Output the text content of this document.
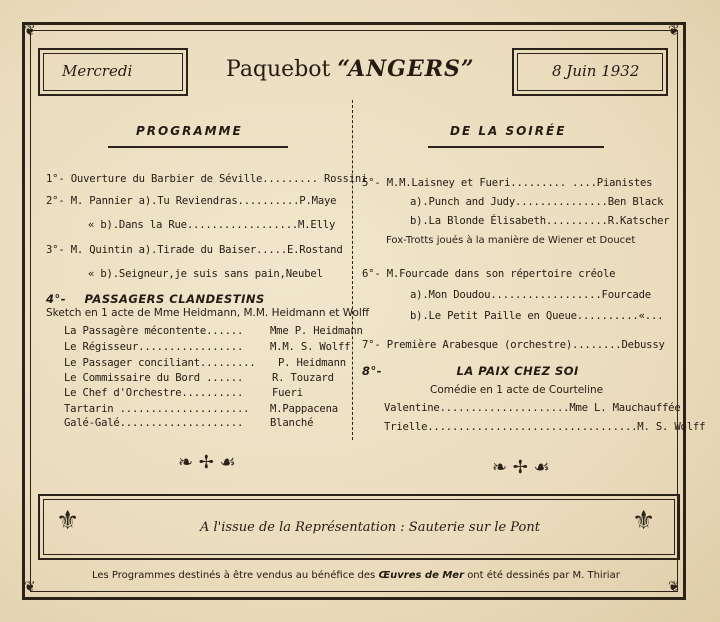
❦	❦
❦	❦
Mercredi	Paquebot “ANGERS”	8 Juin 1932
PROGRAMME	DE LA SOIRÉE
1°- Ouverture du Barbier de Séville......... Rossini
2°- M. Pannier a).Tu Reviendras..........P.Maye
« b).Dans la Rue..................M.Elly
3°- M. Quintin a).Tirade du Baiser.....E.Rostand
« b).Seigneur,je suis sans pain,Neubel
4°- PASSAGERS CLANDESTINS
Sketch en 1 acte de Mme Heidmann, M.M. Heidmann et Wolff
La Passagère mécontente......	Mme P. Heidmann
Le Régisseur.................	M.M. S. Wolff
Le Passager conciliant......... P. Heidmann
Le Commissaire du Bord ......	R. Touzard
Le Chef d'Orchestre..........	Fueri
Tartarin ..................... M.Pappacena
Galé-Galé....................	Blanché
5°- M.M.Laisney et Fueri......... ....Pianistes
a).Punch and Judy...............Ben Black
b).La Blonde Élisabeth..........R.Katscher
Fox-Trotts joués à la manière de Wiener et Doucet
6°- M.Fourcade dans son répertoire créole
a).Mon Doudou..................Fourcade
b).Le Petit Paille en Queue..........«...
7°- Première Arabesque (orchestre)........Debussy
8°-	LA PAIX CHEZ SOI
Comédie en 1 acte de Courteline
Valentine.....................Mme L. Mauchauffée
Trielle..................................M. S. Wolff
❧ ✢ ☙	❧ ✢ ☙
⚜	⚜
A l'issue de la Représentation : Sauterie sur le Pont
Les Programmes destinés à être vendus au bénéfice des Œuvres de Mer ont été dessinés par M. Thiriar
